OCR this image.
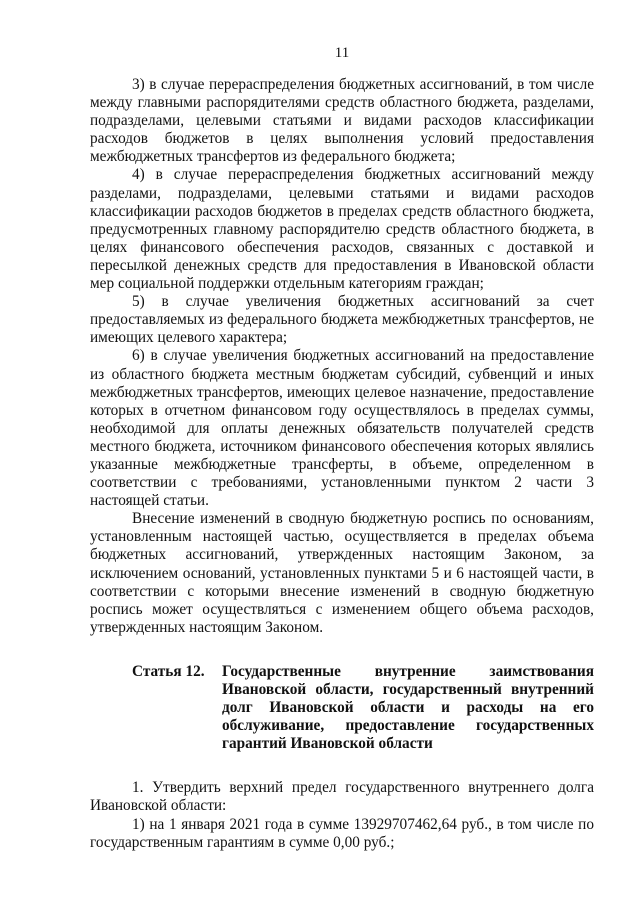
11

3) в случае перераспределения бюджетных ассигнований, в том числе между главными распорядителями средств областного бюджета, разделами, подразделами, целевыми статьями и видами расходов классификации расходов бюджетов в целях выполнения условий предоставления межбюджетных трансфертов из федерального бюджета;

4) в случае перераспределения бюджетных ассигнований между разделами, подразделами, целевыми статьями и видами расходов классификации расходов бюджетов в пределах средств областного бюджета, предусмотренных главному распорядителю средств областного бюджета, в целях финансового обеспечения расходов, связанных с доставкой и пересылкой денежных средств для предоставления в Ивановской области мер социальной поддержки отдельным категориям граждан;

5) в случае увеличения бюджетных ассигнований за счет предоставляемых из федерального бюджета межбюджетных трансфертов, не имеющих целевого характера;

6) в случае увеличения бюджетных ассигнований на предоставление из областного бюджета местным бюджетам субсидий, субвенций и иных межбюджетных трансфертов, имеющих целевое назначение, предоставление которых в отчетном финансовом году осуществлялось в пределах суммы, необходимой для оплаты денежных обязательств получателей средств местного бюджета, источником финансового обеспечения которых являлись указанные межбюджетные трансферты, в объеме, определенном в соответствии с требованиями, установленными пунктом 2 части 3 настоящей статьи.

Внесение изменений в сводную бюджетную роспись по основаниям, установленным настоящей частью, осуществляется в пределах объема бюджетных ассигнований, утвержденных настоящим Законом, за исключением оснований, установленных пунктами 5 и 6 настоящей части, в соответствии с которыми внесение изменений в сводную бюджетную роспись может осуществляться с изменением общего объема расходов, утвержденных настоящим Законом.

Статья 12.	Государственные внутренние заимствования Ивановской области, государственный внутренний долг Ивановской области и расходы на его обслуживание, предоставление государственных гарантий Ивановской области

1. Утвердить верхний предел государственного внутреннего долга Ивановской области:

1) на 1 января 2021 года в сумме 13929707462,64 руб., в том числе по государственным гарантиям в сумме 0,00 руб.;
